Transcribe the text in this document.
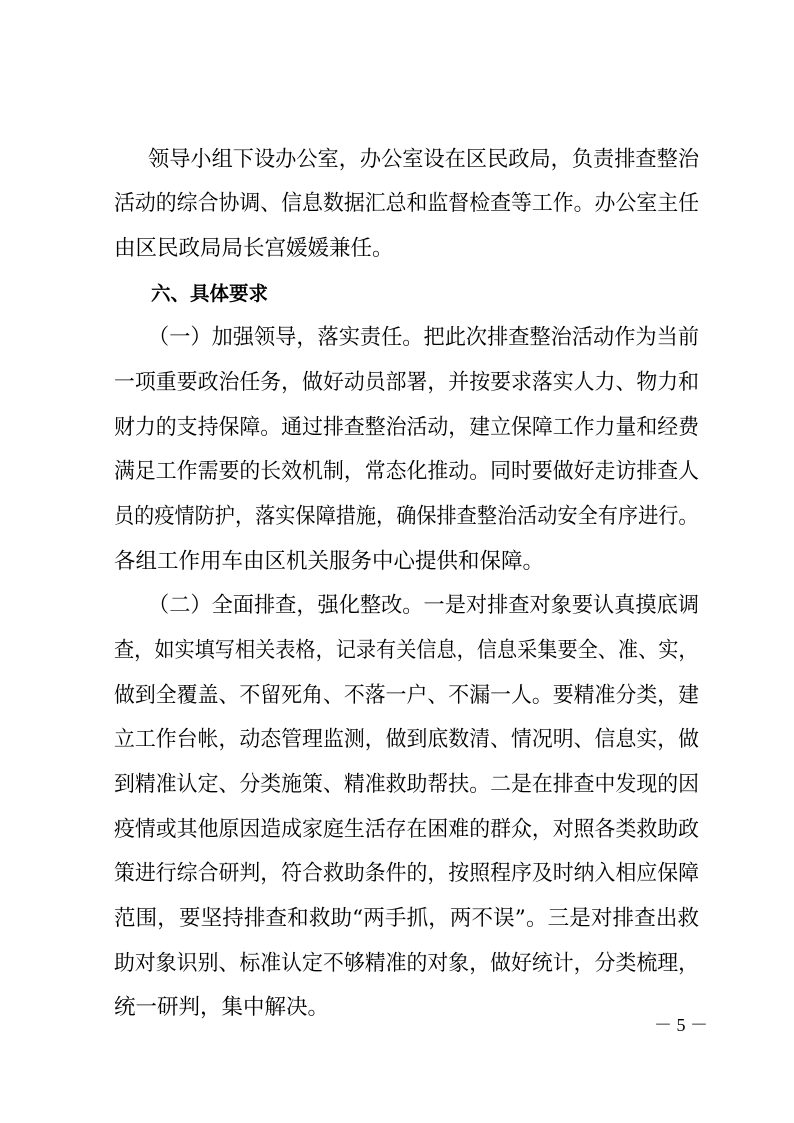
领导小组下设办公室，办公室设在区民政局，负责排查整治
活动的综合协调、信息数据汇总和监督检查等工作。办公室主任
由区民政局局长宫媛媛兼任。
六、具体要求
（一）加强领导，落实责任。把此次排查整治活动作为当前
一项重要政治任务，做好动员部署，并按要求落实人力、物力和
财力的支持保障。通过排查整治活动，建立保障工作力量和经费
满足工作需要的长效机制，常态化推动。同时要做好走访排查人
员的疫情防护，落实保障措施，确保排查整治活动安全有序进行。
各组工作用车由区机关服务中心提供和保障。
（二）全面排查，强化整改。一是对排查对象要认真摸底调
查，如实填写相关表格，记录有关信息，信息采集要全、准、实，
做到全覆盖、不留死角、不落一户、不漏一人。要精准分类，建
立工作台帐，动态管理监测，做到底数清、情况明、信息实，做
到精准认定、分类施策、精准救助帮扶。二是在排查中发现的因
疫情或其他原因造成家庭生活存在困难的群众，对照各类救助政
策进行综合研判，符合救助条件的，按照程序及时纳入相应保障
范围，要坚持排查和救助“两手抓，两不误”。三是对排查出救
助对象识别、标准认定不够精准的对象，做好统计，分类梳理，
统一研判，集中解决。
－ 5 －
